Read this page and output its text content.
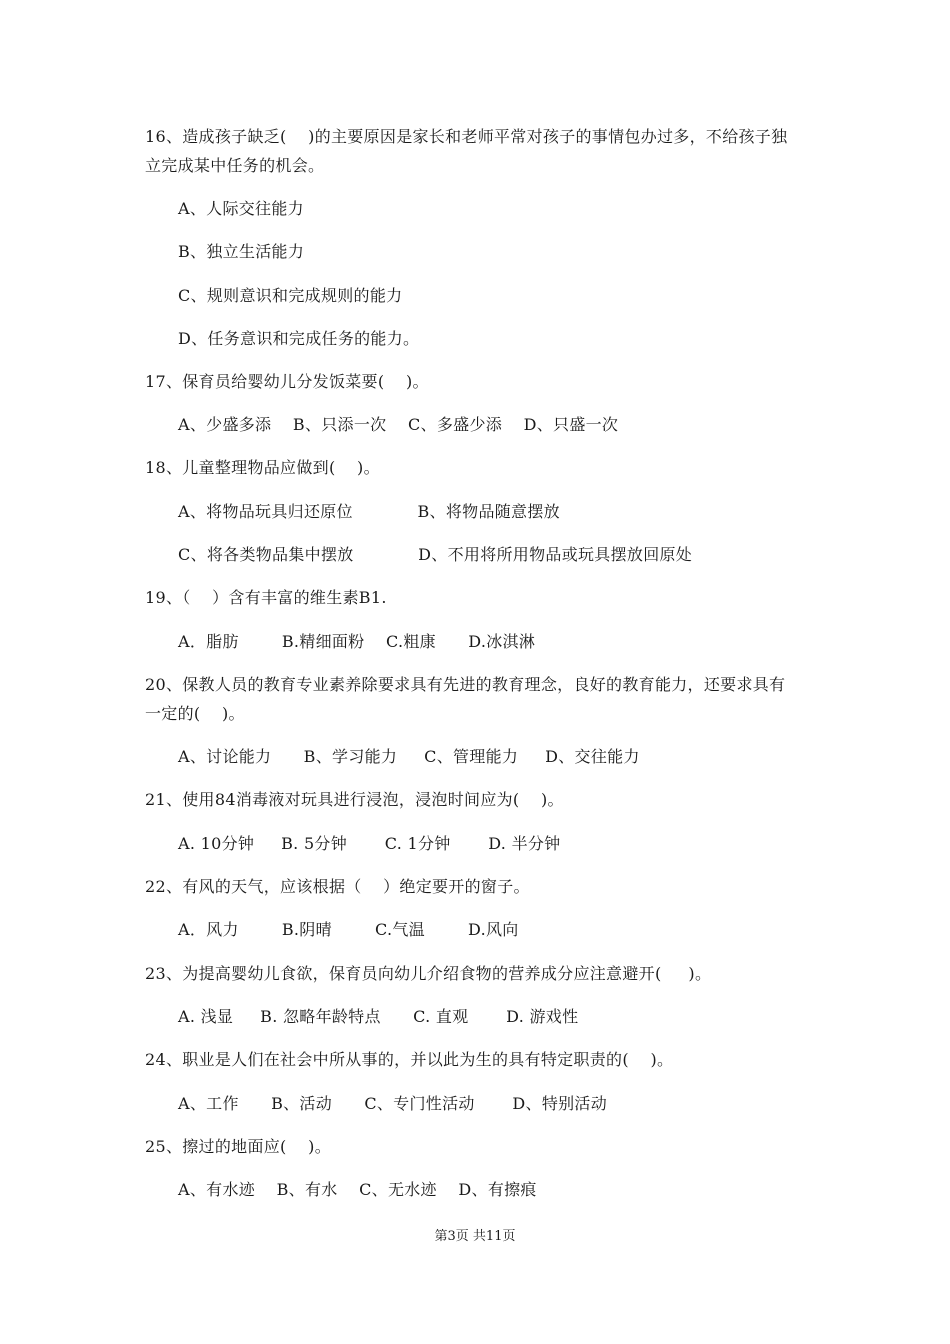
16、造成孩子缺乏(    )的主要原因是家长和老师平常对孩子的事情包办过多，不给孩子独
立完成某中任务的机会。
A、人际交往能力
B、独立生活能力
C、规则意识和完成规则的能力
D、任务意识和完成任务的能力。
17、保育员给婴幼儿分发饭菜要(    )。
A、少盛多添    B、只添一次    C、多盛少添    D、只盛一次
18、儿童整理物品应做到(    )。
A、将物品玩具归还原位            B、将物品随意摆放
C、将各类物品集中摆放            D、不用将所用物品或玩具摆放回原处
19、（    ）含有丰富的维生素B1.
A．脂肪        B.精细面粉    C.粗康      D.冰淇淋
20、保教人员的教育专业素养除要求具有先进的教育理念，良好的教育能力，还要求具有
一定的(    )。
A、讨论能力      B、学习能力     C、管理能力     D、交往能力
21、使用84消毒液对玩具进行浸泡，浸泡时间应为(    )。
A. 10分钟     B. 5分钟       C. 1分钟       D. 半分钟
22、有风的天气，应该根据（    ）绝定要开的窗子。
A．风力        B.阴晴        C.气温        D.风向
23、为提高婴幼儿食欲，保育员向幼儿介绍食物的营养成分应注意避开(     )。
A. 浅显     B. 忽略年龄特点      C. 直观       D. 游戏性
24、职业是人们在社会中所从事的，并以此为生的具有特定职责的(    )。
A、工作      B、活动      C、专门性活动       D、特别活动
25、擦过的地面应(    )。
A、有水迹    B、有水    C、无水迹    D、有擦痕
第3页 共11页
